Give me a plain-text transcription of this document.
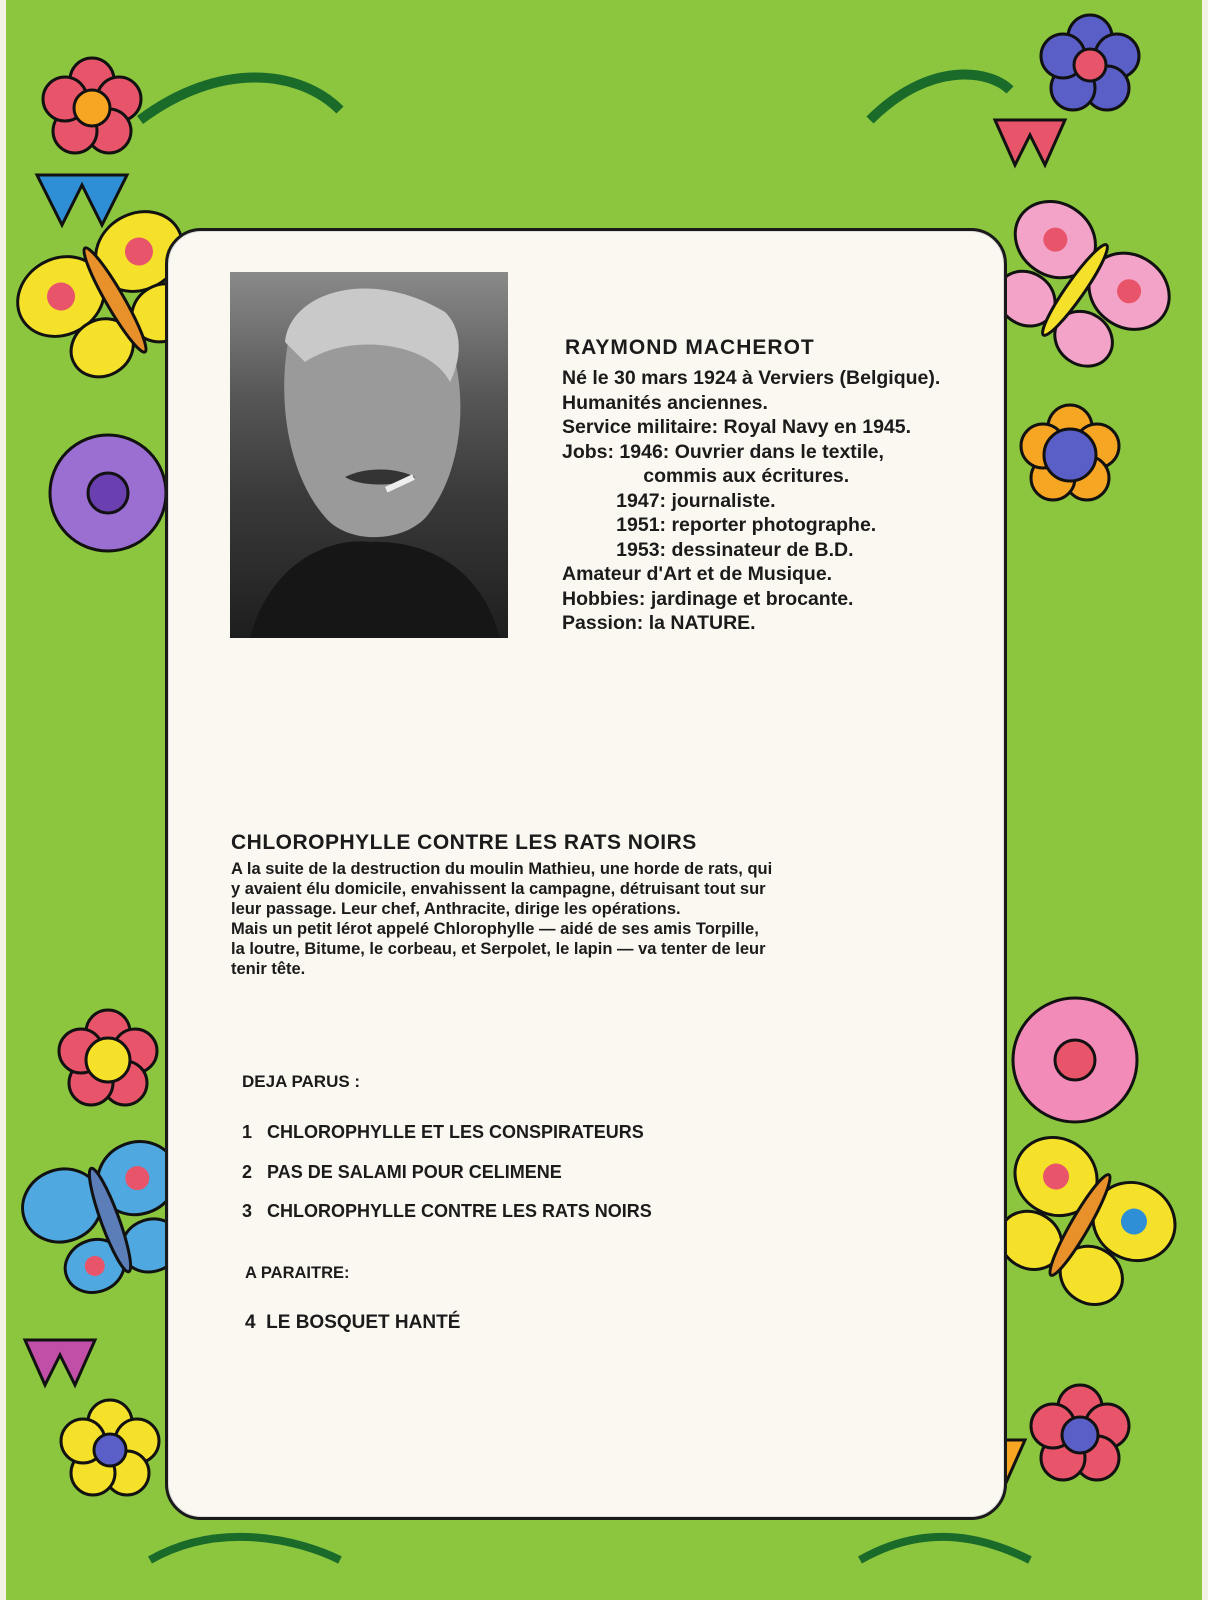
RAYMOND MACHEROT
Né le 30 mars 1924 à Verviers (Belgique).
Humanités anciennes.
Service militaire: Royal Navy en 1945.
Jobs: 1946: Ouvrier dans le textile,
commis aux écritures.
1947: journaliste.
1951: reporter photographe.
1953: dessinateur de B.D.
Amateur d'Art et de Musique.
Hobbies: jardinage et brocante.
Passion: la NATURE.
CHLOROPHYLLE CONTRE LES RATS NOIRS

A la suite de la destruction du moulin Mathieu, une horde de rats, qui

y avaient élu domicile, envahissent la campagne, détruisant tout sur

leur passage. Leur chef, Anthracite, dirige les opérations.

Mais un petit lérot appelé Chlorophylle — aidé de ses amis Torpille,

la loutre, Bitume, le corbeau, et Serpolet, le lapin — va tenter de leur

tenir tête.

DEJA PARUS :
1 CHLOROPHYLLE ET LES CONSPIRATEURS
2 PAS DE SALAMI POUR CELIMENE
3 CHLOROPHYLLE CONTRE LES RATS NOIRS
A PARAITRE:
4 LE BOSQUET HANTÉ
